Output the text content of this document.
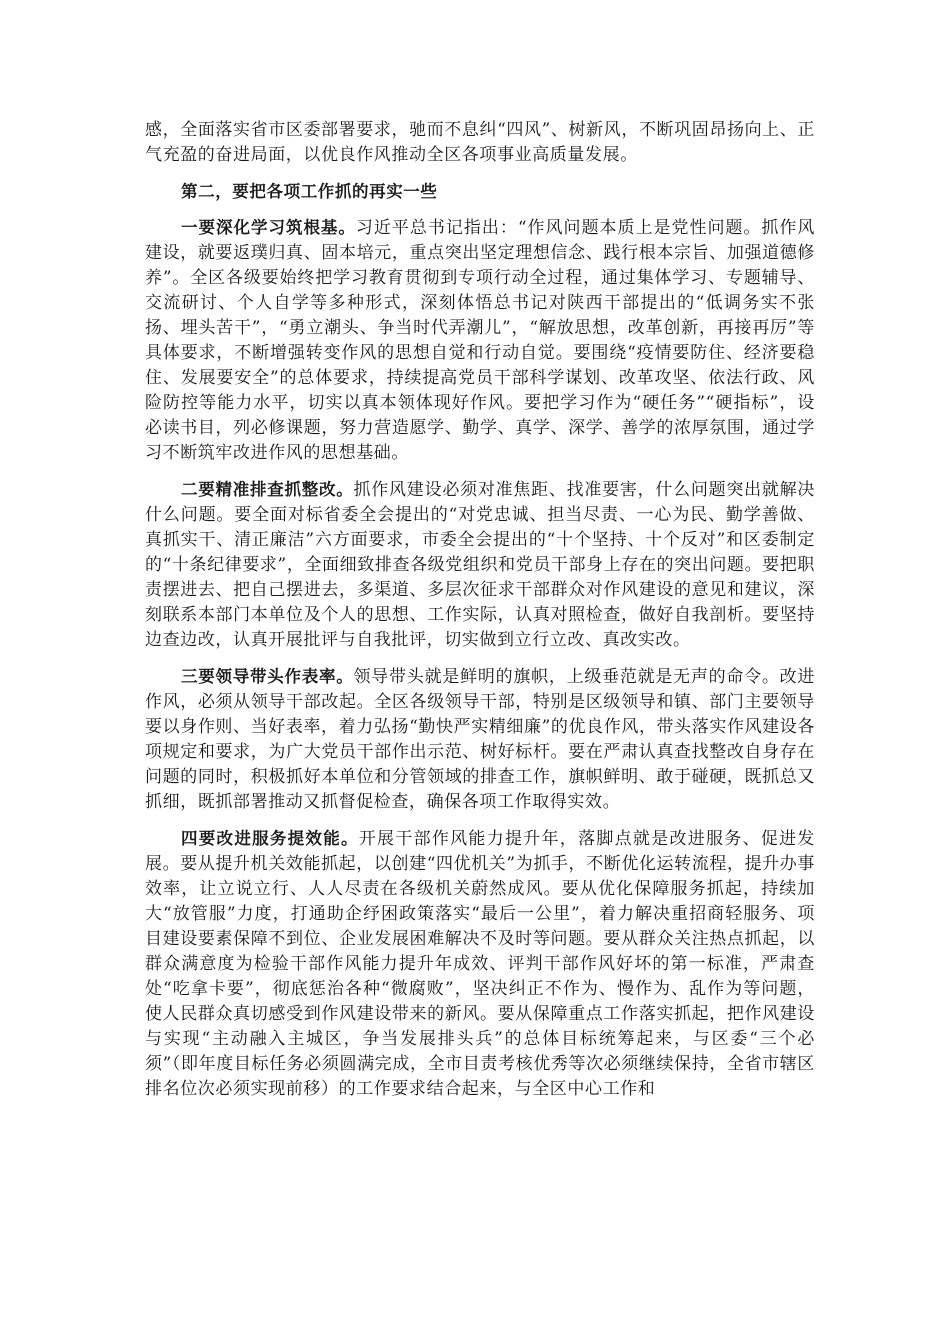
感，全面落实省市区委部署要求，驰而不息纠“四风”、树新风，不断巩固昂扬向上、正气充盈的奋进局面，以优良作风推动全区各项事业高质量发展。

第二，要把各项工作抓的再实一些

一要深化学习筑根基。习近平总书记指出：“作风问题本质上是党性问题。抓作风建设，就要返璞归真、固本培元，重点突出坚定理想信念、践行根本宗旨、加强道德修养”。全区各级要始终把学习教育贯彻到专项行动全过程，通过集体学习、专题辅导、交流研讨、个人自学等多种形式，深刻体悟总书记对陕西干部提出的“低调务实不张扬、埋头苦干”，“勇立潮头、争当时代弄潮儿”，“解放思想，改革创新，再接再厉”等具体要求，不断增强转变作风的思想自觉和行动自觉。要围绕“疫情要防住、经济要稳住、发展要安全”的总体要求，持续提高党员干部科学谋划、改革攻坚、依法行政、风险防控等能力水平，切实以真本领体现好作风。要把学习作为“硬任务”“硬指标”，设必读书目，列必修课题，努力营造愿学、勤学、真学、深学、善学的浓厚氛围，通过学习不断筑牢改进作风的思想基础。

二要精准排查抓整改。抓作风建设必须对准焦距、找准要害，什么问题突出就解决什么问题。要全面对标省委全会提出的“对党忠诚、担当尽责、一心为民、勤学善做、真抓实干、清正廉洁”六方面要求，市委全会提出的“十个坚持、十个反对”和区委制定的“十条纪律要求”，全面细致排查各级党组织和党员干部身上存在的突出问题。要把职责摆进去、把自己摆进去，多渠道、多层次征求干部群众对作风建设的意见和建议，深刻联系本部门本单位及个人的思想、工作实际，认真对照检查，做好自我剖析。要坚持边查边改，认真开展批评与自我批评，切实做到立行立改、真改实改。

三要领导带头作表率。领导带头就是鲜明的旗帜，上级垂范就是无声的命令。改进作风，必须从领导干部改起。全区各级领导干部，特别是区级领导和镇、部门主要领导要以身作则、当好表率，着力弘扬“勤快严实精细廉”的优良作风，带头落实作风建设各项规定和要求，为广大党员干部作出示范、树好标杆。要在严肃认真查找整改自身存在问题的同时，积极抓好本单位和分管领域的排查工作，旗帜鲜明、敢于碰硬，既抓总又抓细，既抓部署推动又抓督促检查，确保各项工作取得实效。

四要改进服务提效能。开展干部作风能力提升年，落脚点就是改进服务、促进发展。要从提升机关效能抓起，以创建“四优机关”为抓手，不断优化运转流程，提升办事效率，让立说立行、人人尽责在各级机关蔚然成风。要从优化保障服务抓起，持续加大“放管服”力度，打通助企纾困政策落实“最后一公里”，着力解决重招商轻服务、项目建设要素保障不到位、企业发展困难解决不及时等问题。要从群众关注热点抓起，以群众满意度为检验干部作风能力提升年成效、评判干部作风好坏的第一标准，严肃查处“吃拿卡要”，彻底惩治各种“微腐败”，坚决纠正不作为、慢作为、乱作为等问题，使人民群众真切感受到作风建设带来的新风。要从保障重点工作落实抓起，把作风建设与实现“主动融入主城区，争当发展排头兵”的总体目标统筹起来，与区委“三个必须”（即年度目标任务必须圆满完成，全市目责考核优秀等次必须继续保持，全省市辖区排名位次必须实现前移）的工作要求结合起来，与全区中心工作和
